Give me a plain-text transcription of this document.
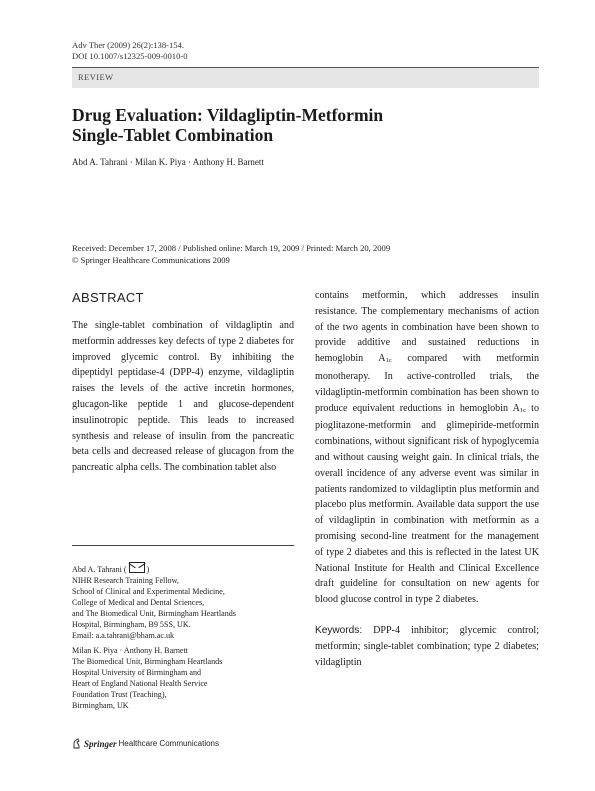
Adv Ther (2009) 26(2):138-154.
DOI 10.1007/s12325-009-0010-0
REVIEW
Drug Evaluation: Vildagliptin-Metformin
Single-Tablet Combination
Abd A. Tahrani · Milan K. Piya · Anthony H. Barnett
Received: December 17, 2008 / Published online: March 19, 2009 / Printed: March 20, 2009
© Springer Healthcare Communications 2009
ABSTRACT

The single-tablet combination of vildagliptin and metformin addresses key defects of type 2 diabetes for improved glycemic control. By inhibiting the dipeptidyl peptidase-4 (DPP-4) enzyme, vildagliptin raises the levels of the active incretin hormones, glucagon-like peptide 1 and glucose-dependent insulinotropic peptide. This leads to increased synthesis and release of insulin from the pancreatic beta cells and decreased release of glucagon from the pancreatic alpha cells. The combination tablet also

contains metformin, which addresses insulin resistance. The complementary mechanisms of action of the two agents in combination have been shown to provide additive and sustained reductions in hemoglobin A1c compared with metformin monotherapy. In active-controlled trials, the vildagliptin-metformin combination has been shown to produce equivalent reductions in hemoglobin A1c to pioglitazone-metformin and glimepiride-metformin combinations, without significant risk of hypoglycemia and without causing weight gain. In clinical trials, the overall incidence of any adverse event was similar in patients randomized to vildagliptin plus metformin and placebo plus metformin. Available data support the use of vildagliptin in combination with metformin as a promising second-line treatment for the management of type 2 diabetes and this is reflected in the latest UK National Institute for Health and Clinical Excellence draft guideline for consultation on new agents for blood glucose control in type 2 diabetes.

Keywords: DPP-4 inhibitor; glycemic control; metformin; single-tablet combination; type 2 diabetes; vildagliptin

Abd A. Tahrani ( )
NIHR Research Training Fellow,
School of Clinical and Experimental Medicine,
College of Medical and Dental Sciences,
and The Biomedical Unit, Birmingham Heartlands
Hospital, Birmingham, B9 5SS, UK.
Email: a.a.tahrani@bham.ac.uk
Milan K. Piya · Anthony H. Barnett
The Biomedical Unit, Birmingham Heartlands
Hospital University of Birmingham and
Heart of England National Health Service
Foundation Trust (Teaching),
Birmingham, UK
Springer Healthcare Communications
